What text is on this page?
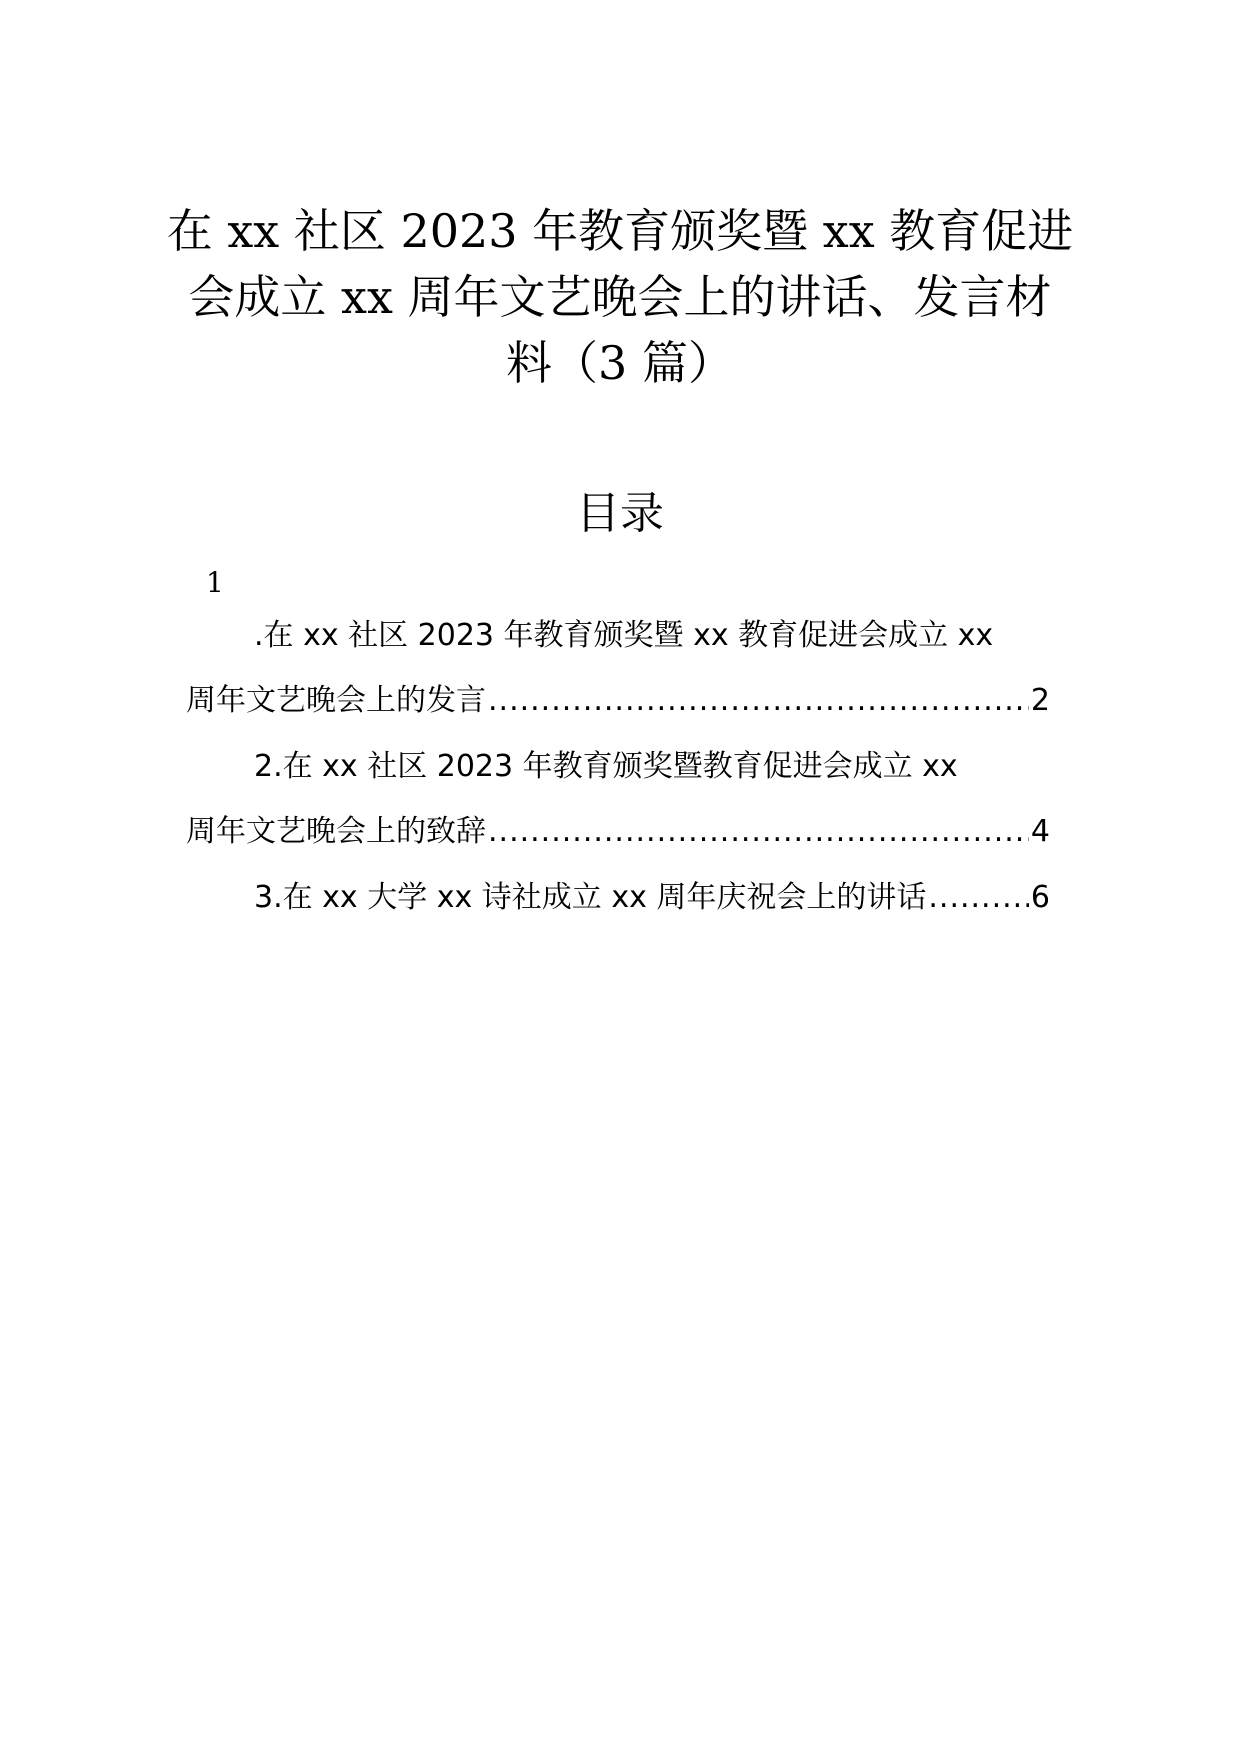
在 xx 社区 2023 年教育颁奖暨 xx 教育促进
会成立 xx 周年文艺晚会上的讲话、发言材
料（3 篇）
目录
1
.在 xx 社区 2023 年教育颁奖暨 xx 教育促进会成立 xx
周年文艺晚会上的发言 .....	2
2.在 xx 社区 2023 年教育颁奖暨教育促进会成立 xx
周年文艺晚会上的致辞 .....	4
3.在 xx 大学 xx 诗社成立 xx 周年庆祝会上的讲话 .....	6
